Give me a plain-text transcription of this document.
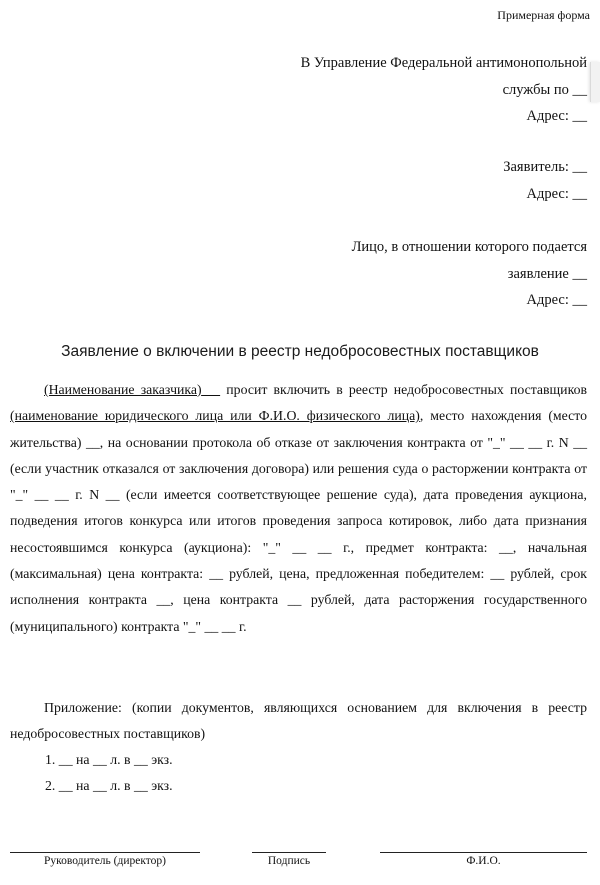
Примерная форма
В Управление Федеральной антимонопольной
службы по __
Адрес: __
Заявитель: __
Адрес: __
Лицо, в отношении которого подается
заявление __
Адрес: __
Заявление о включении в реестр недобросовестных поставщиков

(Наименование заказчика) просит включить в реестр недобросовестных поставщиков (наименование юридического лица или Ф.И.О. физического лица), место нахождения (место жительства) __, на основании протокола об отказе от заключения контракта от "_" __ __ г. N __ (если участник отказался от заключения договора) или решения суда о расторжении контракта от "_" __ __ г. N __ (если имеется соответствующее решение суда), дата проведения аукциона, подведения итогов конкурса или итогов проведения запроса котировок, либо дата признания несостоявшимся конкурса (аукциона): "_" __ __ г., предмет контракта: __, начальная (максимальная) цена контракта: __ рублей, цена, предложенная победителем: __ рублей, срок исполнения контракта __, цена контракта __ рублей, дата расторжения государственного (муниципального) контракта "_" __ __ г.

Приложение: (копии документов, являющихся основанием для включения в реестр недобросовестных поставщиков)

1. __ на __ л. в __ экз.
2. __ на __ л. в __ экз.
Руководитель (директор)	Подпись	Ф.И.О.
